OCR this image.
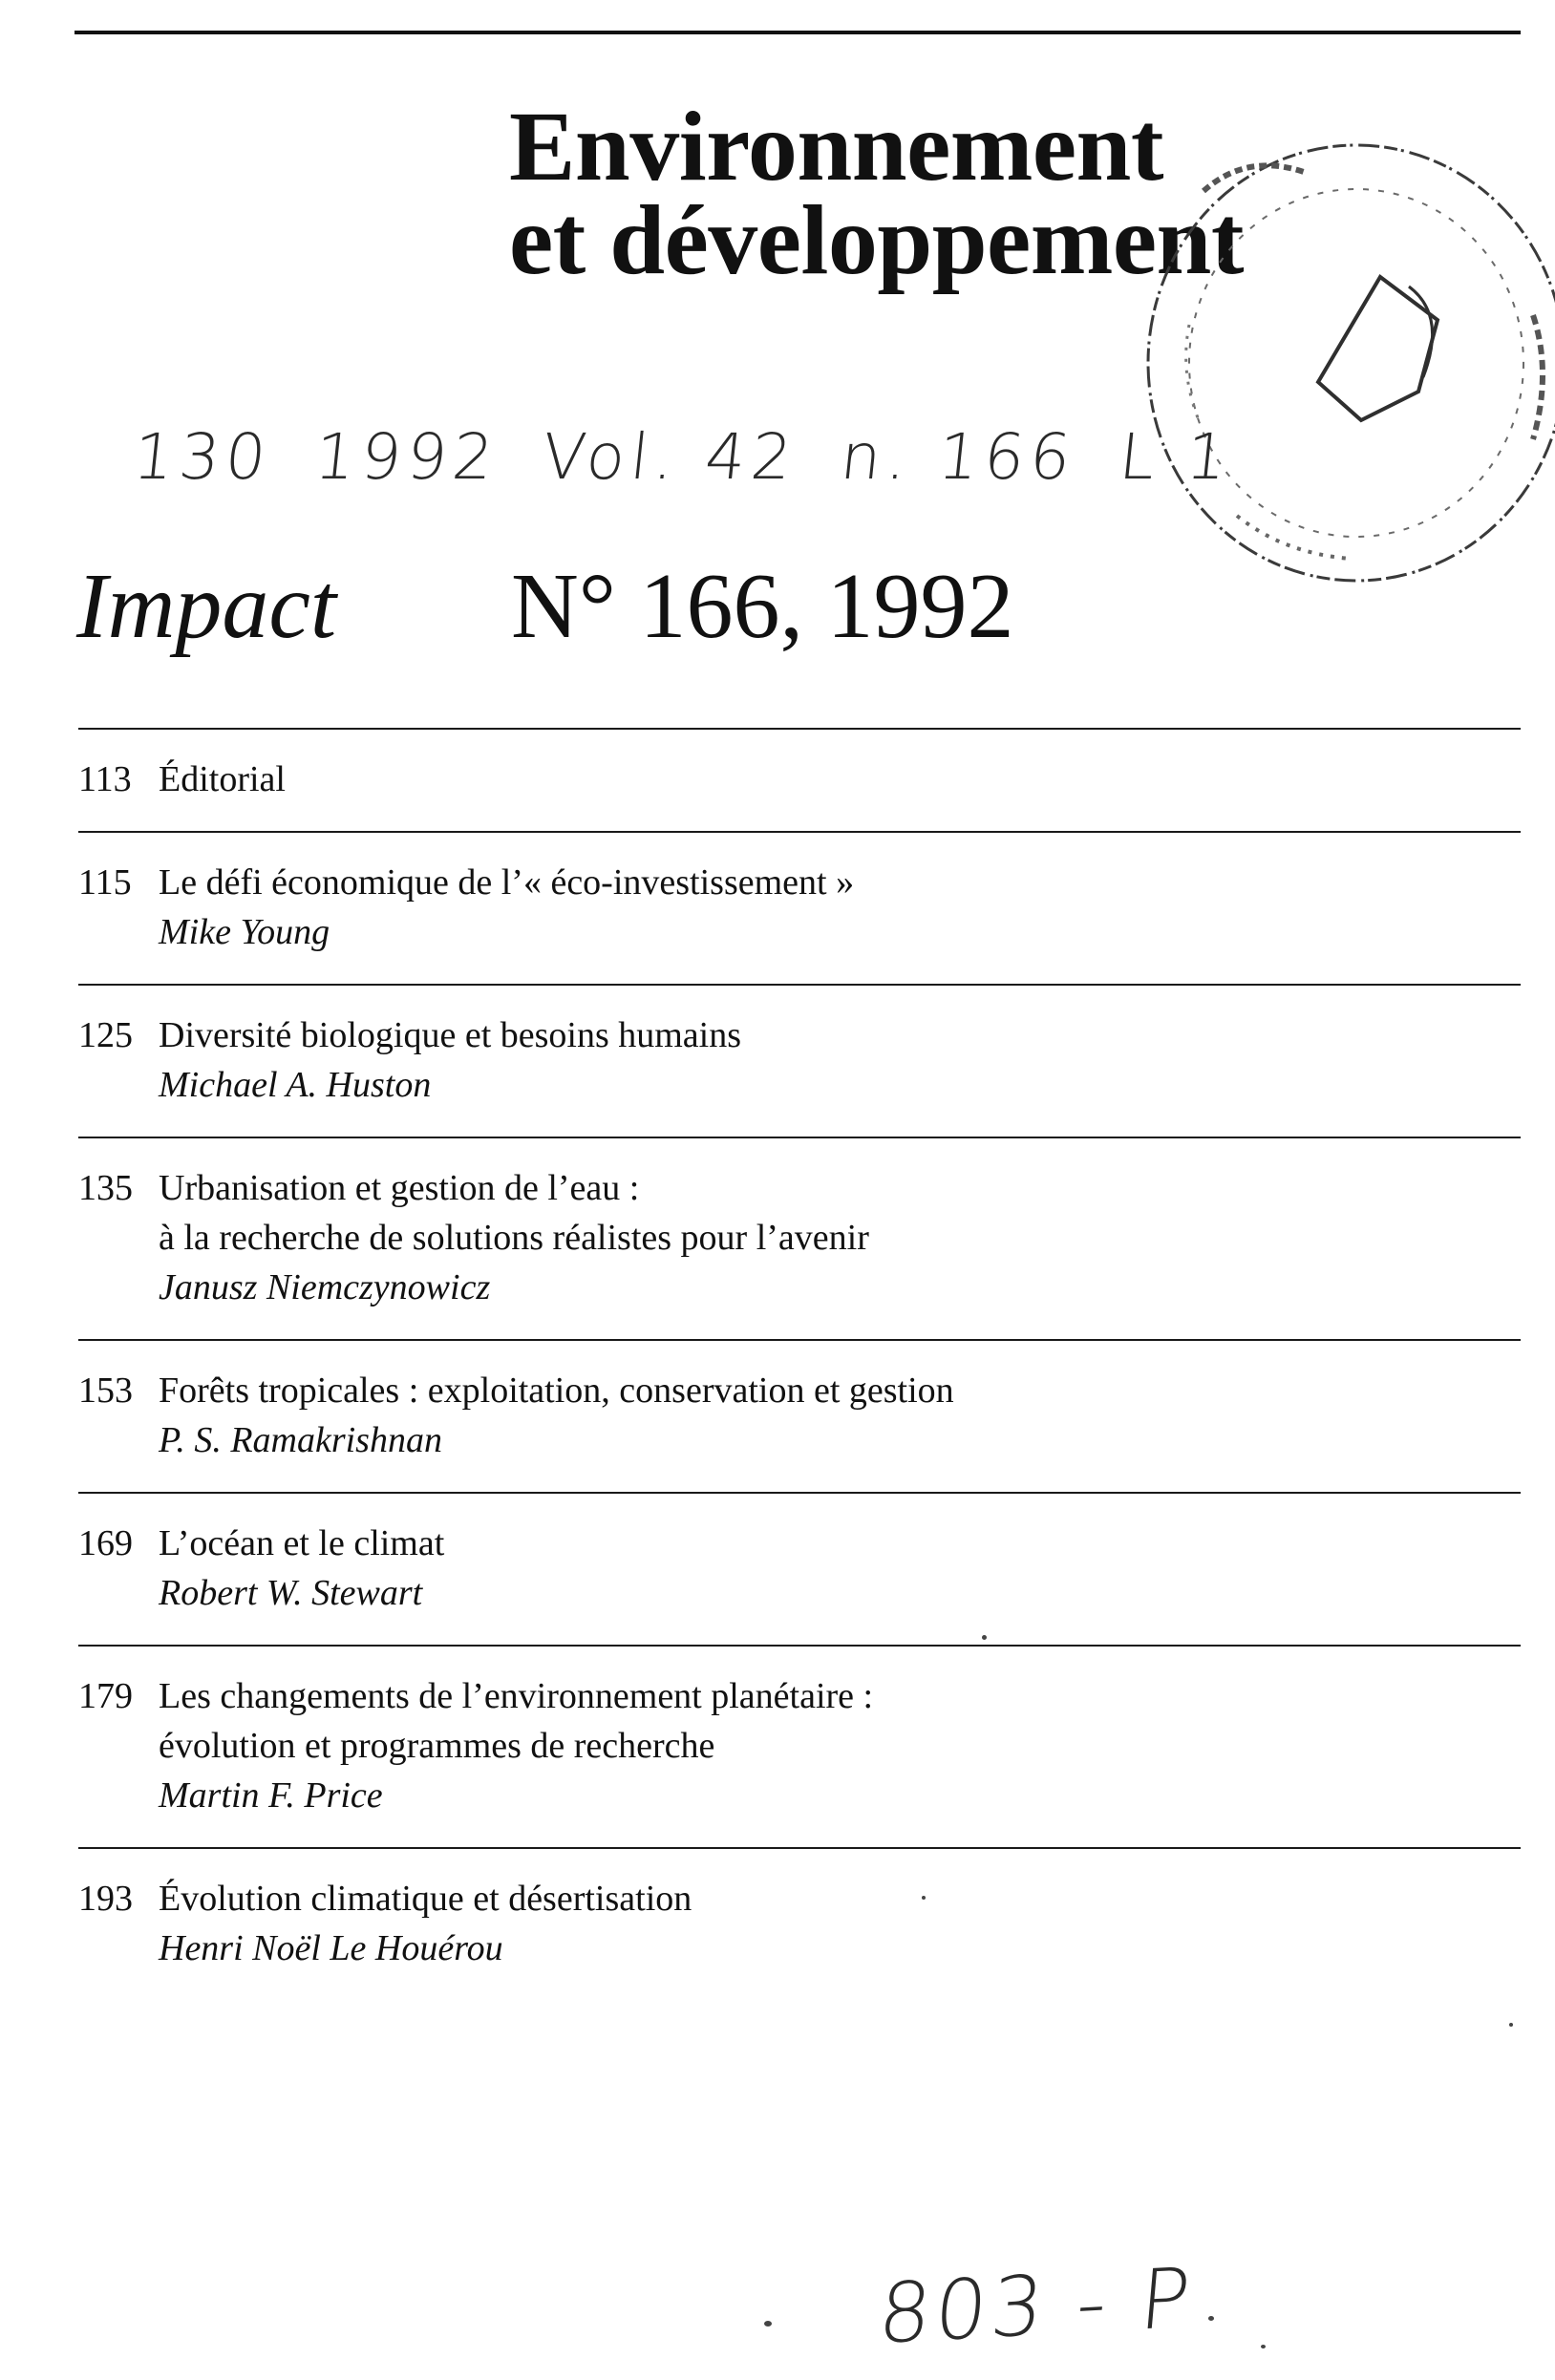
Environnement
et développement
130 1992 Vol. 42 n. 166 L 1
Impact N° 166, 1992
113 Éditorial
115 Le défi économique de l’« éco-investissement »
Mike Young
125 Diversité biologique et besoins humains
Michael A. Huston
135 Urbanisation et gestion de l’eau :
à la recherche de solutions réalistes pour l’avenir
Janusz Niemczynowicz
153 Forêts tropicales : exploitation, conservation et gestion
P. S. Ramakrishnan
169 L’océan et le climat
Robert W. Stewart
179 Les changements de l’environnement planétaire :
évolution et programmes de recherche
Martin F. Price
193 Évolution climatique et désertisation
Henri Noël Le Houérou
803 - P
